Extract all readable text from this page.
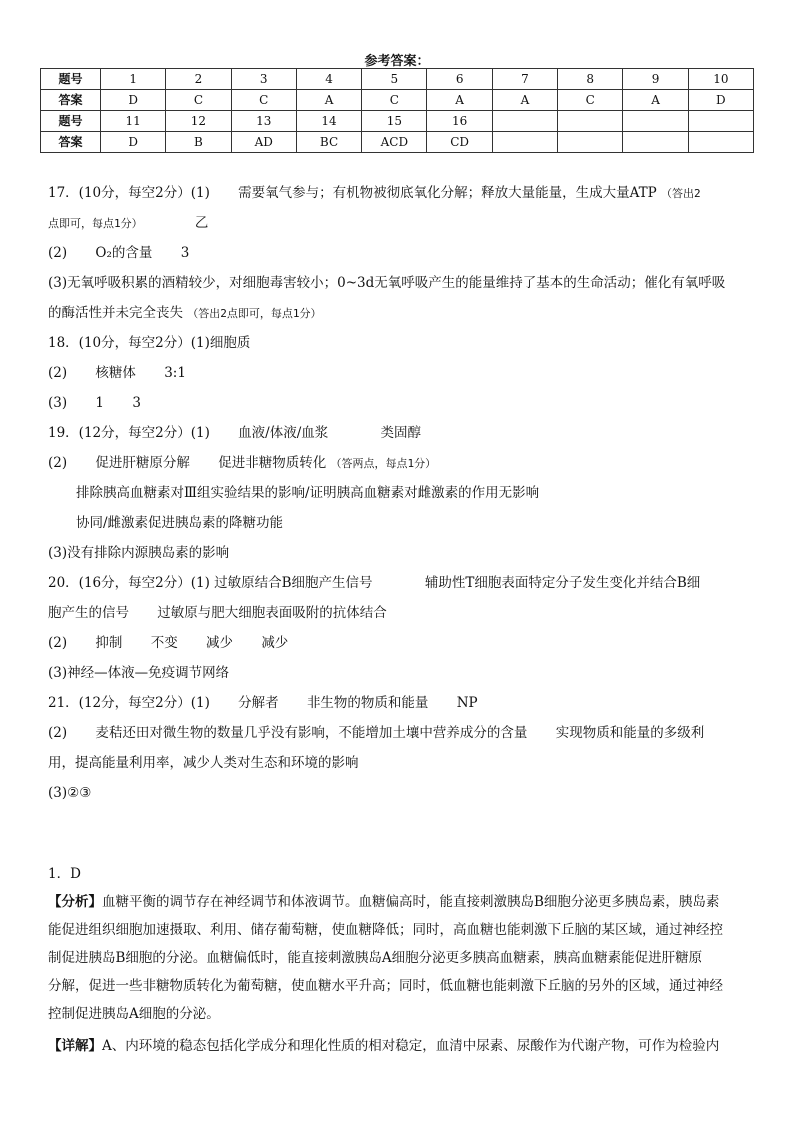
参考答案：
题号	1	2	3	4	5	6	7	8	9	10
答案	D	C	C	A	C	A	A	C	A	D
题号	11	12	13	14	15	16				
答案	D	B	AD	BC	ACD	CD				
17．(10分，每空2分）(1) 需要氧气参与；有机物被彻底氧化分解；释放大量能量，生成大量ATP （答出2
点即可，每点1分）	乙
(2) O₂的含量 3
(3)无氧呼吸积累的酒精较少，对细胞毒害较小；0~3d无氧呼吸产生的能量维持了基本的生命活动；催化有氧呼吸
的酶活性并未完全丧失 （答出2点即可，每点1分）
18．(10分，每空2分）(1)细胞质
(2) 核糖体 3:1
(3) 1 3
19．(12分，每空2分）(1) 血液/体液/血浆	类固醇
(2) 促进肝糖原分解 促进非糖物质转化 （答两点，每点1分）
排除胰高血糖素对Ⅲ组实验结果的影响/证明胰高血糖素对雌激素的作用无影响
协同/雌激素促进胰岛素的降糖功能
(3)没有排除内源胰岛素的影响
20．(16分，每空2分）(1) 过敏原结合B细胞产生信号	辅助性T细胞表面特定分子发生变化并结合B细
胞产生的信号 过敏原与肥大细胞表面吸附的抗体结合
(2) 抑制 不变 减少 减少
(3)神经—体液—免疫调节网络
21．(12分，每空2分）(1) 分解者 非生物的物质和能量 NP
(2) 麦秸还田对微生物的数量几乎没有影响，不能增加土壤中营养成分的含量 实现物质和能量的多级利
用，提高能量利用率，减少人类对生态和环境的影响
(3)②③
1．D
【分析】血糖平衡的调节存在神经调节和体液调节。血糖偏高时，能直接刺激胰岛B细胞分泌更多胰岛素，胰岛素
能促进组织细胞加速摄取、利用、储存葡萄糖，使血糖降低；同时，高血糖也能刺激下丘脑的某区域，通过神经控
制促进胰岛B细胞的分泌。血糖偏低时，能直接刺激胰岛A细胞分泌更多胰高血糖素，胰高血糖素能促进肝糖原
分解，促进一些非糖物质转化为葡萄糖，使血糖水平升高；同时，低血糖也能刺激下丘脑的另外的区域，通过神经
控制促进胰岛A细胞的分泌。
【详解】A、内环境的稳态包括化学成分和理化性质的相对稳定，血清中尿素、尿酸作为代谢产物，可作为检验内
